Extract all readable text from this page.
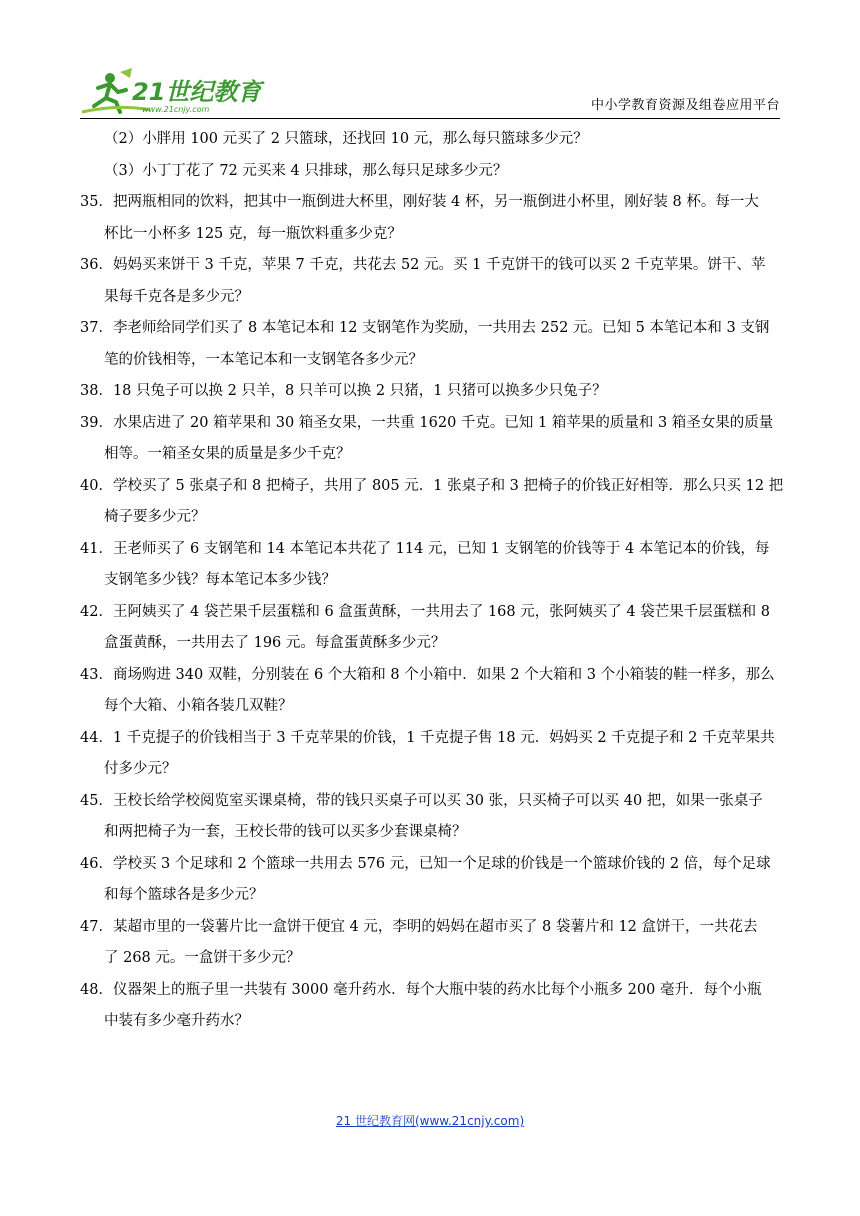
21世纪教育
www.21cnjy.com	中小学教育资源及组卷应用平台

（2）小胖用 100 元买了 2 只篮球，还找回 10 元，那么每只篮球多少元？

（3）小丁丁花了 72 元买来 4 只排球，那么每只足球多少元？

35．把两瓶相同的饮料，把其中一瓶倒进大杯里，刚好装 4 杯，另一瓶倒进小杯里，刚好装 8 杯。每一大
杯比一小杯多 125 克，每一瓶饮料重多少克？

36．妈妈买来饼干 3 千克，苹果 7 千克，共花去 52 元。买 1 千克饼干的钱可以买 2 千克苹果。饼干、苹
果每千克各是多少元？

37．李老师给同学们买了 8 本笔记本和 12 支钢笔作为奖励，一共用去 252 元。已知 5 本笔记本和 3 支钢
笔的价钱相等，一本笔记本和一支钢笔各多少元？

38．18 只兔子可以换 2 只羊，8 只羊可以换 2 只猪，1 只猪可以换多少只兔子？

39．水果店进了 20 箱苹果和 30 箱圣女果，一共重 1620 千克。已知 1 箱苹果的质量和 3 箱圣女果的质量
相等。一箱圣女果的质量是多少千克？

40．学校买了 5 张桌子和 8 把椅子，共用了 805 元．1 张桌子和 3 把椅子的价钱正好相等．那么只买 12 把
椅子要多少元？

41．王老师买了 6 支钢笔和 14 本笔记本共花了 114 元，已知 1 支钢笔的价钱等于 4 本笔记本的价钱，每
支钢笔多少钱？每本笔记本多少钱？

42．王阿姨买了 4 袋芒果千层蛋糕和 6 盒蛋黄酥，一共用去了 168 元，张阿姨买了 4 袋芒果千层蛋糕和 8
盒蛋黄酥，一共用去了 196 元。每盒蛋黄酥多少元？

43．商场购进 340 双鞋，分别装在 6 个大箱和 8 个小箱中．如果 2 个大箱和 3 个小箱装的鞋一样多，那么
每个大箱、小箱各装几双鞋？

44．1 千克提子的价钱相当于 3 千克苹果的价钱，1 千克提子售 18 元．妈妈买 2 千克提子和 2 千克苹果共
付多少元？

45．王校长给学校阅览室买课桌椅，带的钱只买桌子可以买 30 张，只买椅子可以买 40 把，如果一张桌子
和两把椅子为一套，王校长带的钱可以买多少套课桌椅？

46．学校买 3 个足球和 2 个篮球一共用去 576 元，已知一个足球的价钱是一个篮球价钱的 2 倍，每个足球
和每个篮球各是多少元？

47．某超市里的一袋薯片比一盒饼干便宜 4 元，李明的妈妈在超市买了 8 袋薯片和 12 盒饼干，一共花去
了 268 元。一盒饼干多少元？

48．仪器架上的瓶子里一共装有 3000 毫升药水．每个大瓶中装的药水比每个小瓶多 200 毫升．每个小瓶
中装有多少毫升药水？

21 世纪教育网(www.21cnjy.com)
